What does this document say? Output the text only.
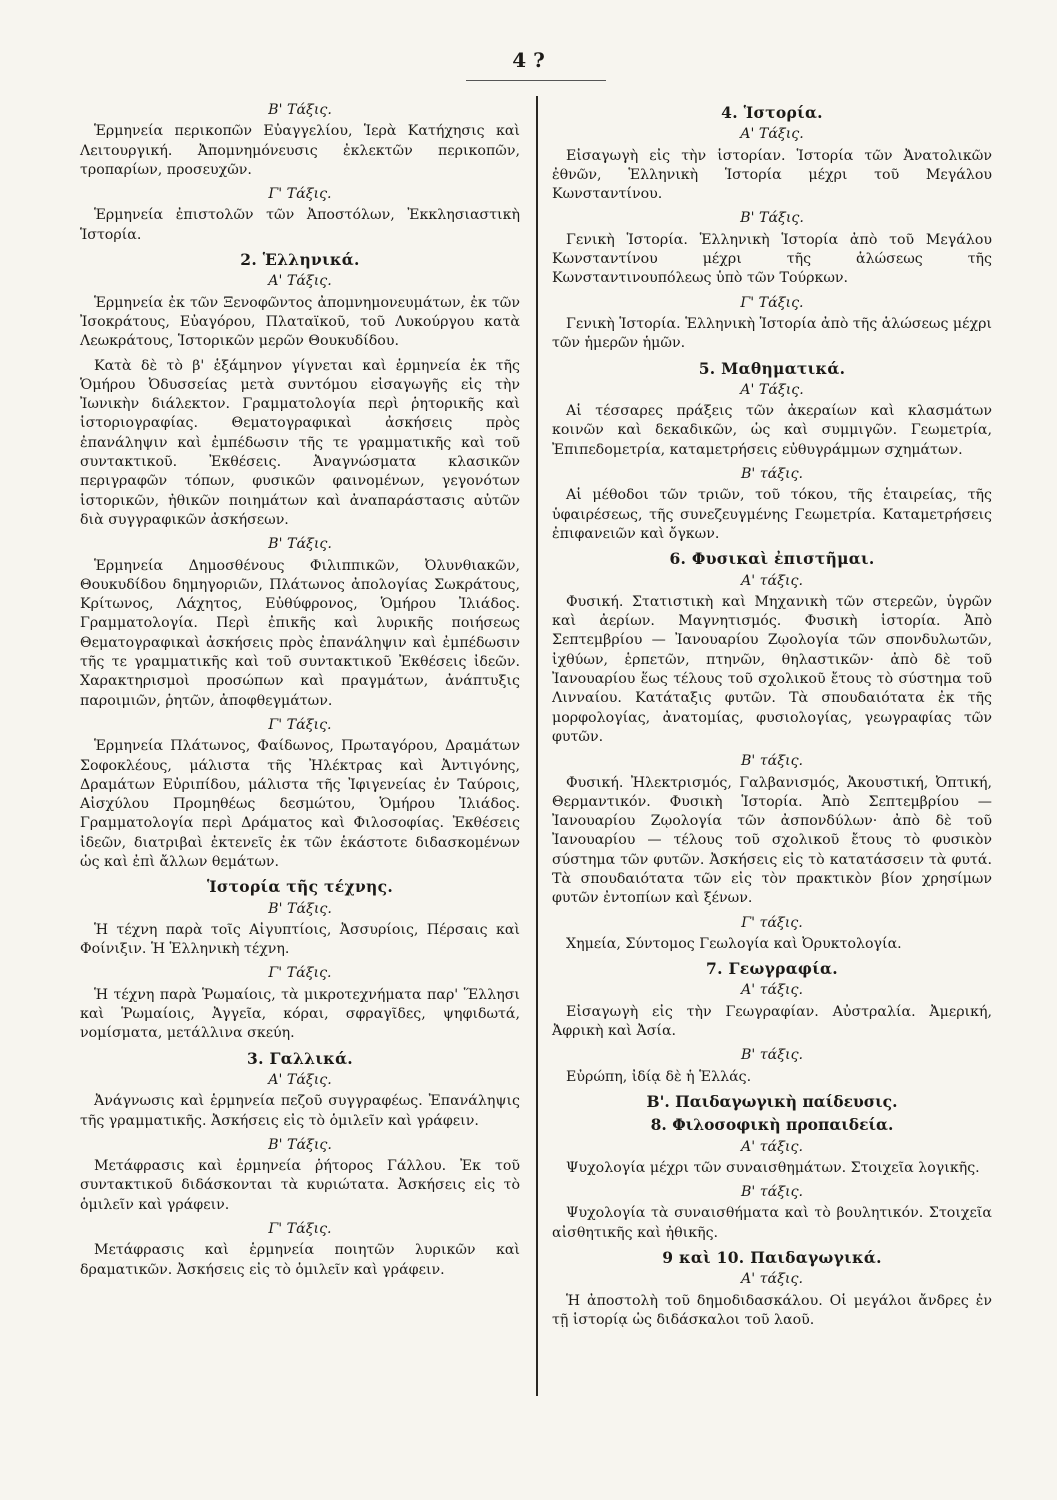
4 ?
Β' Τάξις.
Ἑρμηνεία περικοπῶν Εὐαγγελίου, Ἱερὰ Κατήχησις καὶ Λειτουργική. Ἀπομνημόνευσις ἐκλεκτῶν περικοπῶν, τροπαρίων, προσευχῶν.
Γ' Τάξις.
Ἑρμηνεία ἐπιστολῶν τῶν Ἀποστόλων, Ἐκκλησιαστικὴ Ἱστορία.
2. Ἑλληνικά.
Α' Τάξις.
Ἑρμηνεία ἐκ τῶν Ξενοφῶντος ἀπομνημονευμάτων, ἐκ τῶν Ἰσοκράτους, Εὐαγόρου, Πλαταϊκοῦ, τοῦ Λυκούργου κατὰ Λεωκράτους, Ἱστορικῶν μερῶν Θουκυδίδου.
Κατὰ δὲ τὸ β' ἑξάμηνον γίγνεται καὶ ἑρμηνεία ἐκ τῆς Ὁμήρου Ὀδυσσείας μετὰ συντόμου εἰσαγωγῆς εἰς τὴν Ἰωνικὴν διάλεκτον. Γραμματολογία περὶ ῥητορικῆς καὶ ἱστοριογραφίας. Θεματογραφικαὶ ἀσκήσεις πρὸς ἐπανάληψιν καὶ ἐμπέδωσιν τῆς τε γραμματικῆς καὶ τοῦ συντακτικοῦ. Ἐκθέσεις. Ἀναγνώσματα κλασικῶν περιγραφῶν τόπων, φυσικῶν φαινομένων, γεγονότων ἱστορικῶν, ἠθικῶν ποιημάτων καὶ ἀναπαράστασις αὐτῶν διὰ συγγραφικῶν ἀσκήσεων.
Β' Τάξις.
Ἑρμηνεία Δημοσθένους Φιλιππικῶν, Ὀλυνθιακῶν, Θουκυδίδου δημηγοριῶν, Πλάτωνος ἀπολογίας Σωκράτους, Κρίτωνος, Λάχητος, Εὐθύφρονος, Ὁμήρου Ἰλιάδος. Γραμματολογία. Περὶ ἐπικῆς καὶ λυρικῆς ποιήσεως Θεματογραφικαὶ ἀσκήσεις πρὸς ἐπανάληψιν καὶ ἐμπέδωσιν τῆς τε γραμματικῆς καὶ τοῦ συντακτικοῦ Ἐκθέσεις ἰδεῶν. Χαρακτηρισμοὶ προσώπων καὶ πραγμάτων, ἀνάπτυξις παροιμιῶν, ῥητῶν, ἀποφθεγμάτων.
Γ' Τάξις.
Ἑρμηνεία Πλάτωνος, Φαίδωνος, Πρωταγόρου, Δραμάτων Σοφοκλέους, μάλιστα τῆς Ἠλέκτρας καὶ Ἀντιγόνης, Δραμάτων Εὐριπίδου, μάλιστα τῆς Ἰφιγενείας ἐν Ταύροις, Αἰσχύλου Προμηθέως δεσμώτου, Ὁμήρου Ἰλιάδος. Γραμματολογία περὶ Δράματος καὶ Φιλοσοφίας. Ἐκθέσεις ἰδεῶν, διατριβαὶ ἐκτενεῖς ἐκ τῶν ἑκάστοτε διδασκομένων ὡς καὶ ἐπὶ ἄλλων θεμάτων.
Ἱστορία τῆς τέχνης.
Β' Τάξις.
Ἡ τέχνη παρὰ τοῖς Αἰγυπτίοις, Ἀσσυρίοις, Πέρσαις καὶ Φοίνιξιν. Ἡ Ἑλληνικὴ τέχνη.
Γ' Τάξις.
Ἡ τέχνη παρὰ Ῥωμαίοις, τὰ μικροτεχνήματα παρ' Ἕλλησι καὶ Ῥωμαίοις, Ἀγγεῖα, κόραι, σφραγῖδες, ψηφιδωτά, νομίσματα, μετάλλινα σκεύη.
3. Γαλλικά.
Α' Τάξις.
Ἀνάγνωσις καὶ ἑρμηνεία πεζοῦ συγγραφέως. Ἐπανάληψις τῆς γραμματικῆς. Ἀσκήσεις εἰς τὸ ὁμιλεῖν καὶ γράφειν.
Β' Τάξις.
Μετάφρασις καὶ ἑρμηνεία ῥήτορος Γάλλου. Ἐκ τοῦ συντακτικοῦ διδάσκονται τὰ κυριώτατα. Ἀσκήσεις εἰς τὸ ὁμιλεῖν καὶ γράφειν.
Γ' Τάξις.
Μετάφρασις καὶ ἑρμηνεία ποιητῶν λυρικῶν καὶ δραματικῶν. Ἀσκήσεις εἰς τὸ ὁμιλεῖν καὶ γράφειν.
4. Ἱστορία.
Α' Τάξις.
Εἰσαγωγὴ εἰς τὴν ἱστορίαν. Ἱστορία τῶν Ἀνατολικῶν ἐθνῶν, Ἑλληνικὴ Ἱστορία μέχρι τοῦ Μεγάλου Κωνσταντίνου.
Β' Τάξις.
Γενικὴ Ἱστορία. Ἑλληνικὴ Ἱστορία ἀπὸ τοῦ Μεγάλου Κωνσταντίνου μέχρι τῆς ἁλώσεως τῆς Κωνσταντινουπόλεως ὑπὸ τῶν Τούρκων.
Γ' Τάξις.
Γενικὴ Ἱστορία. Ἑλληνικὴ Ἱστορία ἀπὸ τῆς ἁλώσεως μέχρι τῶν ἡμερῶν ἡμῶν.
5. Μαθηματικά.
Α' Τάξις.
Αἱ τέσσαρες πράξεις τῶν ἀκεραίων καὶ κλασμάτων κοινῶν καὶ δεκαδικῶν, ὡς καὶ συμμιγῶν. Γεωμετρία, Ἐπιπεδομετρία, καταμετρήσεις εὐθυγράμμων σχημάτων.
Β' τάξις.
Αἱ μέθοδοι τῶν τριῶν, τοῦ τόκου, τῆς ἑταιρείας, τῆς ὑφαιρέσεως, τῆς συνεζευγμένης Γεωμετρία. Καταμετρήσεις ἐπιφανειῶν καὶ ὄγκων.
6. Φυσικαὶ ἐπιστῆμαι.
Α' τάξις.
Φυσική. Στατιστικὴ καὶ Μηχανικὴ τῶν στερεῶν, ὑγρῶν καὶ ἀερίων. Μαγνητισμός. Φυσικὴ ἱστορία. Ἀπὸ Σεπτεμβρίου — Ἰανουαρίου Ζῳολογία τῶν σπονδυλωτῶν, ἰχθύων, ἑρπετῶν, πτηνῶν, θηλαστικῶν· ἀπὸ δὲ τοῦ Ἰανουαρίου ἕως τέλους τοῦ σχολικοῦ ἔτους τὸ σύστημα τοῦ Λινναίου. Κατάταξις φυτῶν. Τὰ σπουδαιότατα ἐκ τῆς μορφολογίας, ἀνατομίας, φυσιολογίας, γεωγραφίας τῶν φυτῶν.
Β' τάξις.
Φυσική. Ἠλεκτρισμός, Γαλβανισμός, Ἀκουστική, Ὀπτική, Θερμαντικόν. Φυσικὴ Ἱστορία. Ἀπὸ Σεπτεμβρίου — Ἰανουαρίου Ζῳολογία τῶν ἀσπονδύλων· ἀπὸ δὲ τοῦ Ἰανουαρίου — τέλους τοῦ σχολικοῦ ἔτους τὸ φυσικὸν σύστημα τῶν φυτῶν. Ἀσκήσεις εἰς τὸ κατατάσσειν τὰ φυτά. Τὰ σπουδαιότατα τῶν εἰς τὸν πρακτικὸν βίον χρησίμων φυτῶν ἐντοπίων καὶ ξένων.
Γ' τάξις.
Χημεία, Σύντομος Γεωλογία καὶ Ὀρυκτολογία.
7. Γεωγραφία.
Α' τάξις.
Εἰσαγωγὴ εἰς τὴν Γεωγραφίαν. Αὐστραλία. Ἀμερική, Ἀφρικὴ καὶ Ἀσία.
Β' τάξις.
Εὐρώπη, ἰδίᾳ δὲ ἡ Ἑλλάς.
Β'. Παιδαγωγικὴ παίδευσις.
8. Φιλοσοφικὴ προπαιδεία.
Α' τάξις.
Ψυχολογία μέχρι τῶν συναισθημάτων. Στοιχεῖα λογικῆς.
Β' τάξις.
Ψυχολογία τὰ συναισθήματα καὶ τὸ βουλητικόν. Στοιχεῖα αἰσθητικῆς καὶ ἠθικῆς.
9 καὶ 10. Παιδαγωγικά.
Α' τάξις.
Ἡ ἀποστολὴ τοῦ δημοδιδασκάλου. Οἱ μεγάλοι ἄνδρες ἐν τῇ ἱστορίᾳ ὡς διδάσκαλοι τοῦ λαοῦ.
